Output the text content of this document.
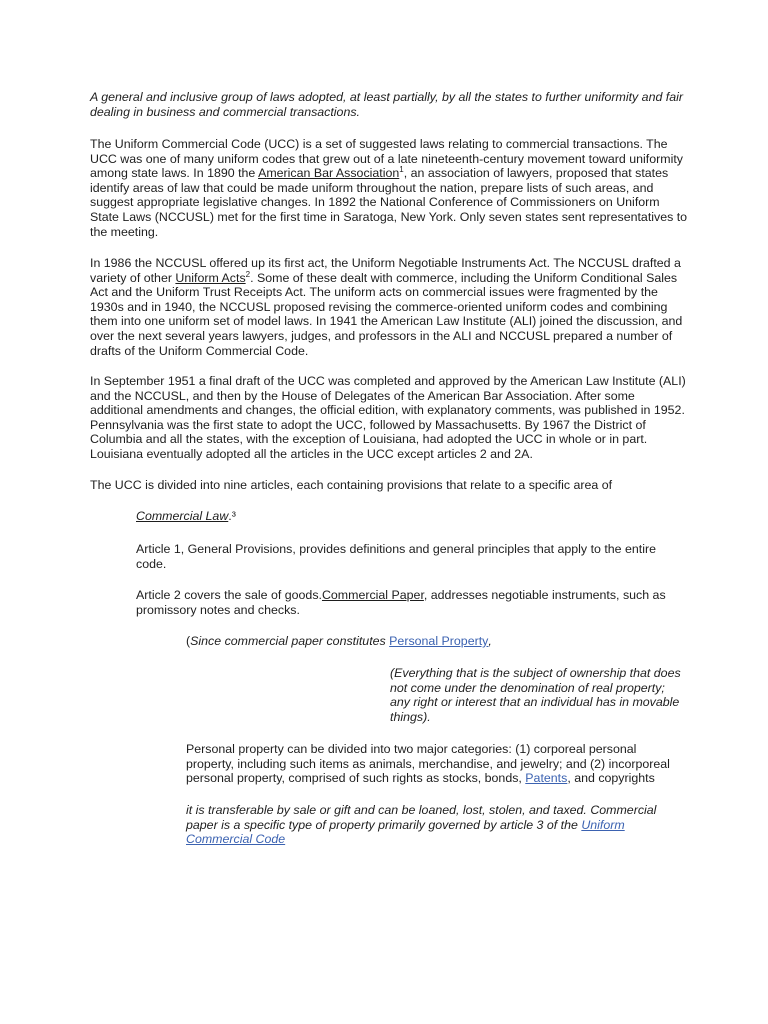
A general and inclusive group of laws adopted, at least partially, by all the states to further uniformity and fair dealing in business and commercial transactions.

The Uniform Commercial Code (UCC) is a set of suggested laws relating to commercial transactions. The UCC was one of many uniform codes that grew out of a late nineteenth-century movement toward uniformity among state laws. In 1890 the American Bar Association$^1$, an association of lawyers, proposed that states identify areas of law that could be made uniform throughout the nation, prepare lists of such areas, and suggest appropriate legislative changes. In 1892 the National Conference of Commissioners on Uniform State Laws (NCCUSL) met for the first time in Saratoga, New York. Only seven states sent representatives to the meeting.

In 1986 the NCCUSL offered up its first act, the Uniform Negotiable Instruments Act. The NCCUSL drafted a variety of other Uniform Acts$^2$. Some of these dealt with commerce, including the Uniform Conditional Sales Act and the Uniform Trust Receipts Act. The uniform acts on commercial issues were fragmented by the 1930s and in 1940, the NCCUSL proposed revising the commerce-oriented uniform codes and combining them into one uniform set of model laws. In 1941 the American Law Institute (ALI) joined the discussion, and over the next several years lawyers, judges, and professors in the ALI and NCCUSL prepared a number of drafts of the Uniform Commercial Code.

In September 1951 a final draft of the UCC was completed and approved by the American Law Institute (ALI) and the NCCUSL, and then by the House of Delegates of the American Bar Association. After some additional amendments and changes, the official edition, with explanatory comments, was published in 1952. Pennsylvania was the first state to adopt the UCC, followed by Massachusetts. By 1967 the District of Columbia and all the states, with the exception of Louisiana, had adopted the UCC in whole or in part. Louisiana eventually adopted all the articles in the UCC except articles 2 and 2A.

The UCC is divided into nine articles, each containing provisions that relate to a specific area of

Commercial Law.³

Article 1, General Provisions, provides definitions and general principles that apply to the entire code.

Article 2 covers the sale of goods.Commercial Paper, addresses negotiable instruments, such as promissory notes and checks.

(Since commercial paper constitutes Personal Property,

(Everything that is the subject of ownership that does not come under the denomination of real property; any right or interest that an individual has in movable things).

Personal property can be divided into two major categories: (1) corporeal personal property, including such items as animals, merchandise, and jewelry; and (2) incorporeal personal property, comprised of such rights as stocks, bonds, Patents, and copyrights

it is transferable by sale or gift and can be loaned, lost, stolen, and taxed. Commercial paper is a specific type of property primarily governed by article 3 of the Uniform Commercial Code
